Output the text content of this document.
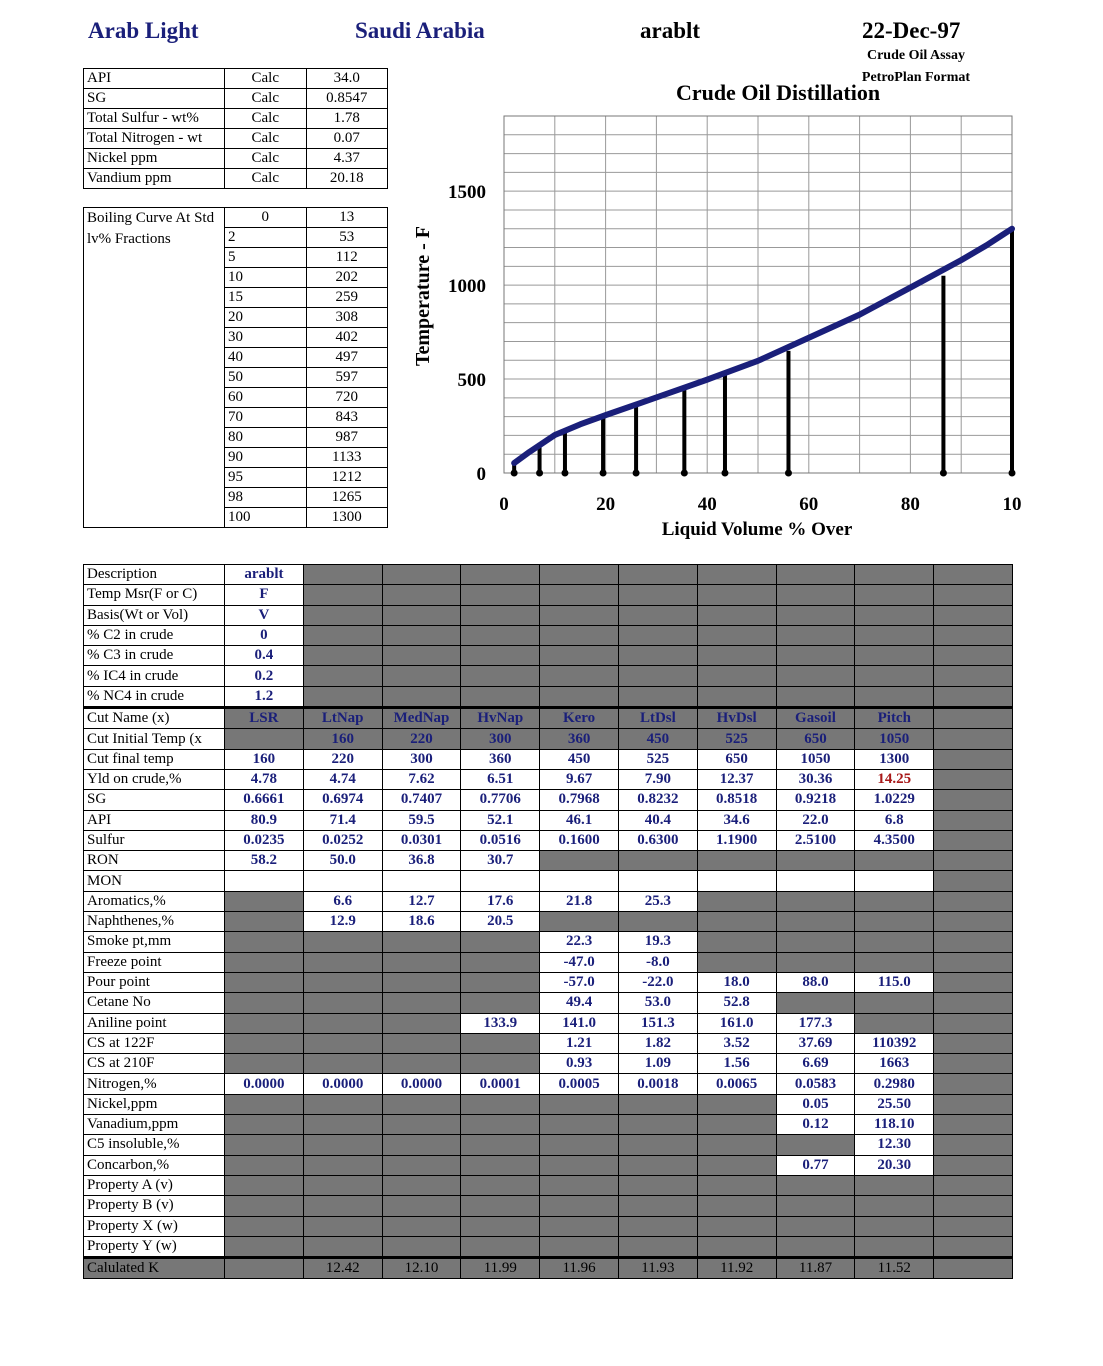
Arab Light	Saudi Arabia	arablt	22-Dec-97
Crude Oil Assay
PetroPlan Format
API	Calc	34.0
SG	Calc	0.8547
Total Sulfur - wt%	Calc	1.78
Total Nitrogen - wt	Calc	0.07
Nickel ppm	Calc	4.37
Vandium ppm	Calc	20.18
Boiling Curve At Std lv% Fractions	0	13
	2	53
	5	112
	10	202
	15	259
	20	308
	30	402
	40	497
	50	597
	60	720
	70	843
	80	987
	90	1133
	95	1212
	98	1265
	100	1300
Crude Oil Distillation
0
500
1000
1500
0	20	40	60	80	10
Liquid Volume % Over
Temperature - F
Description	arablt									
Temp Msr(F or C)	F									
Basis(Wt or Vol)	V									
% C2 in crude	0									
% C3 in crude	0.4									
% IC4 in crude	0.2									
% NC4 in crude	1.2									
Cut Name (x)	LSR	LtNap	MedNap	HvNap	Kero	LtDsl	HvDsl	Gasoil	Pitch	
Cut Initial Temp (x		160	220	300	360	450	525	650	1050	
Cut final temp	160	220	300	360	450	525	650	1050	1300	
Yld on crude,%	4.78	4.74	7.62	6.51	9.67	7.90	12.37	30.36	14.25	
SG	0.6661	0.6974	0.7407	0.7706	0.7968	0.8232	0.8518	0.9218	1.0229	
API	80.9	71.4	59.5	52.1	46.1	40.4	34.6	22.0	6.8	
Sulfur	0.0235	0.0252	0.0301	0.0516	0.1600	0.6300	1.1900	2.5100	4.3500	
RON	58.2	50.0	36.8	30.7						
MON										
Aromatics,%		6.6	12.7	17.6	21.8	25.3				
Naphthenes,%		12.9	18.6	20.5						
Smoke pt,mm					22.3	19.3				
Freeze point					-47.0	-8.0				
Pour point					-57.0	-22.0	18.0	88.0	115.0	
Cetane No					49.4	53.0	52.8			
Aniline point				133.9	141.0	151.3	161.0	177.3		
CS at 122F					1.21	1.82	3.52	37.69	110392	
CS at 210F					0.93	1.09	1.56	6.69	1663	
Nitrogen,%	0.0000	0.0000	0.0000	0.0001	0.0005	0.0018	0.0065	0.0583	0.2980	
Nickel,ppm								0.05	25.50	
Vanadium,ppm								0.12	118.10	
C5 insoluble,%									12.30	
Concarbon,%								0.77	20.30	
Property A (v)										
Property B (v)										
Property X (w)										
Property Y (w)										
Calulated K		12.42	12.10	11.99	11.96	11.93	11.92	11.87	11.52	
